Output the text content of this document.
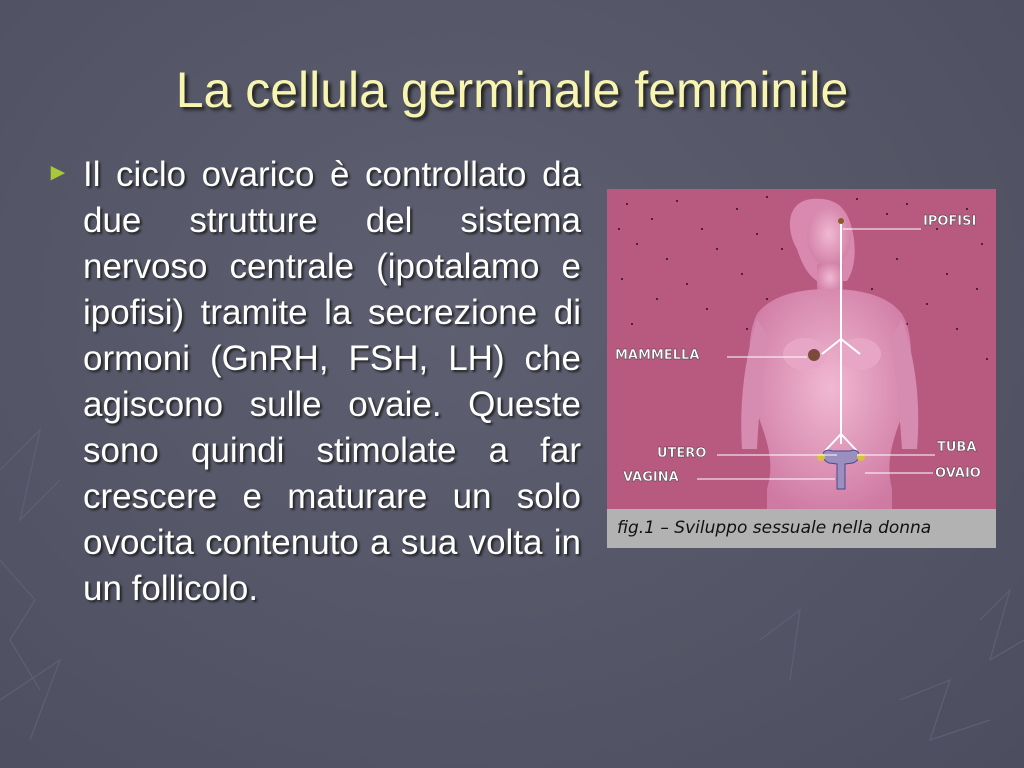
La cellula germinale femminile
► Il ciclo ovarico è controllato da due strutture del sistema nervoso centrale (ipotalamo e ipofisi) tramite la secrezione di ormoni (GnRH, FSH, LH) che agiscono sulle ovaie. Queste sono quindi stimolate a far crescere e maturare un solo ovocita contenuto a sua volta in un follicolo.
IPOFISI
MAMMELLA
UTERO	TUBA
VAGINA	OVAIO
fig.1 – Sviluppo sessuale nella donna
